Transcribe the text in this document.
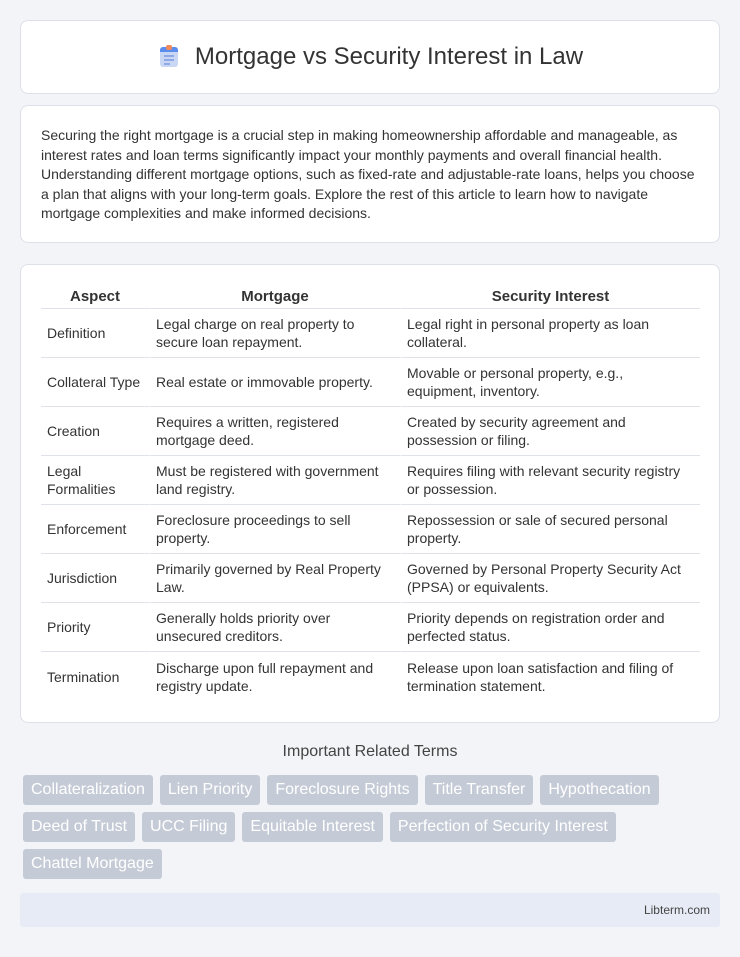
Mortgage vs Security Interest in Law

Securing the right mortgage is a crucial step in making homeownership affordable and manageable, as interest rates and loan terms significantly impact your monthly payments and overall financial health. Understanding different mortgage options, such as fixed-rate and adjustable-rate loans, helps you choose a plan that aligns with your long-term goals. Explore the rest of this article to learn how to navigate mortgage complexities and make informed decisions.

Aspect	Mortgage	Security Interest
Definition	Legal charge on real property to secure loan repayment.	Legal right in personal property as loan collateral.
Collateral Type	Real estate or immovable property.	Movable or personal property, e.g., equipment, inventory.
Creation	Requires a written, registered mortgage deed.	Created by security agreement and possession or filing.
Legal Formalities	Must be registered with government land registry.	Requires filing with relevant security registry or possession.
Enforcement	Foreclosure proceedings to sell property.	Repossession or sale of secured personal property.
Jurisdiction	Primarily governed by Real Property Law.	Governed by Personal Property Security Act (PPSA) or equivalents.
Priority	Generally holds priority over unsecured creditors.	Priority depends on registration order and perfected status.
Termination	Discharge upon full repayment and registry update.	Release upon loan satisfaction and filing of termination statement.
Important Related Terms
Collateralization	Lien Priority	Foreclosure Rights	Title Transfer	Hypothecation
Deed of Trust	UCC Filing	Equitable Interest	Perfection of Security Interest
Chattel Mortgage
Libterm.com
